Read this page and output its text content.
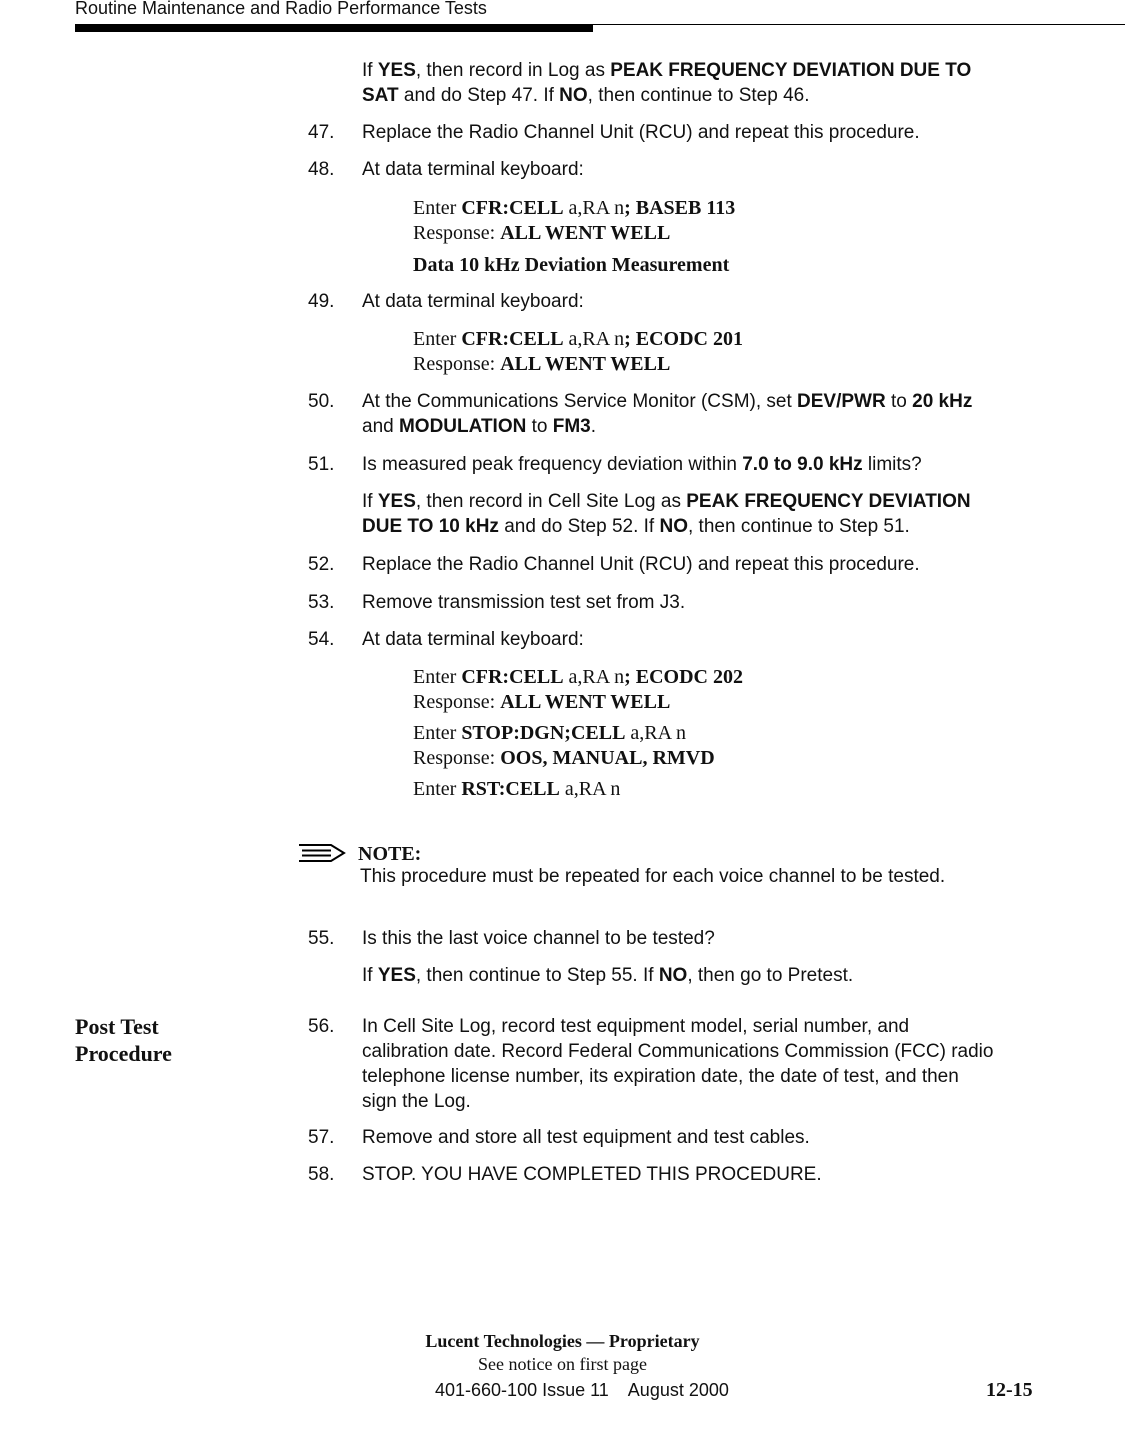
Routine Maintenance and Radio Performance Tests
If YES, then record in Log as PEAK FREQUENCY DEVIATION DUE TO
SAT and do Step 47. If NO, then continue to Step 46.
47. Replace the Radio Channel Unit (RCU) and repeat this procedure.
48. At data terminal keyboard:
Enter CFR:CELL a,RA n; BASEB 113
Response: ALL WENT WELL
Data 10 kHz Deviation Measurement
49. At data terminal keyboard:
Enter CFR:CELL a,RA n; ECODC 201
Response: ALL WENT WELL
50. At the Communications Service Monitor (CSM), set DEV/PWR to 20 kHz
and MODULATION to FM3.
51. Is measured peak frequency deviation within 7.0 to 9.0 kHz limits?
If YES, then record in Cell Site Log as PEAK FREQUENCY DEVIATION
DUE TO 10 kHz and do Step 52. If NO, then continue to Step 51.
52. Replace the Radio Channel Unit (RCU) and repeat this procedure.
53. Remove transmission test set from J3.
54. At data terminal keyboard:
Enter CFR:CELL a,RA n; ECODC 202
Response: ALL WENT WELL
Enter STOP:DGN;CELL a,RA n
Response: OOS, MANUAL, RMVD
Enter RST:CELL a,RA n
NOTE:
This procedure must be repeated for each voice channel to be tested.
55. Is this the last voice channel to be tested?
If YES, then continue to Step 55. If NO, then go to Pretest.
Post Test
Procedure
56. In Cell Site Log, record test equipment model, serial number, and
calibration date. Record Federal Communications Commission (FCC) radio
telephone license number, its expiration date, the date of test, and then
sign the Log.
57. Remove and store all test equipment and test cables.
58. STOP. YOU HAVE COMPLETED THIS PROCEDURE.
Lucent Technologies — Proprietary
See notice on first page
401-660-100 Issue 11    August 2000	12-15
